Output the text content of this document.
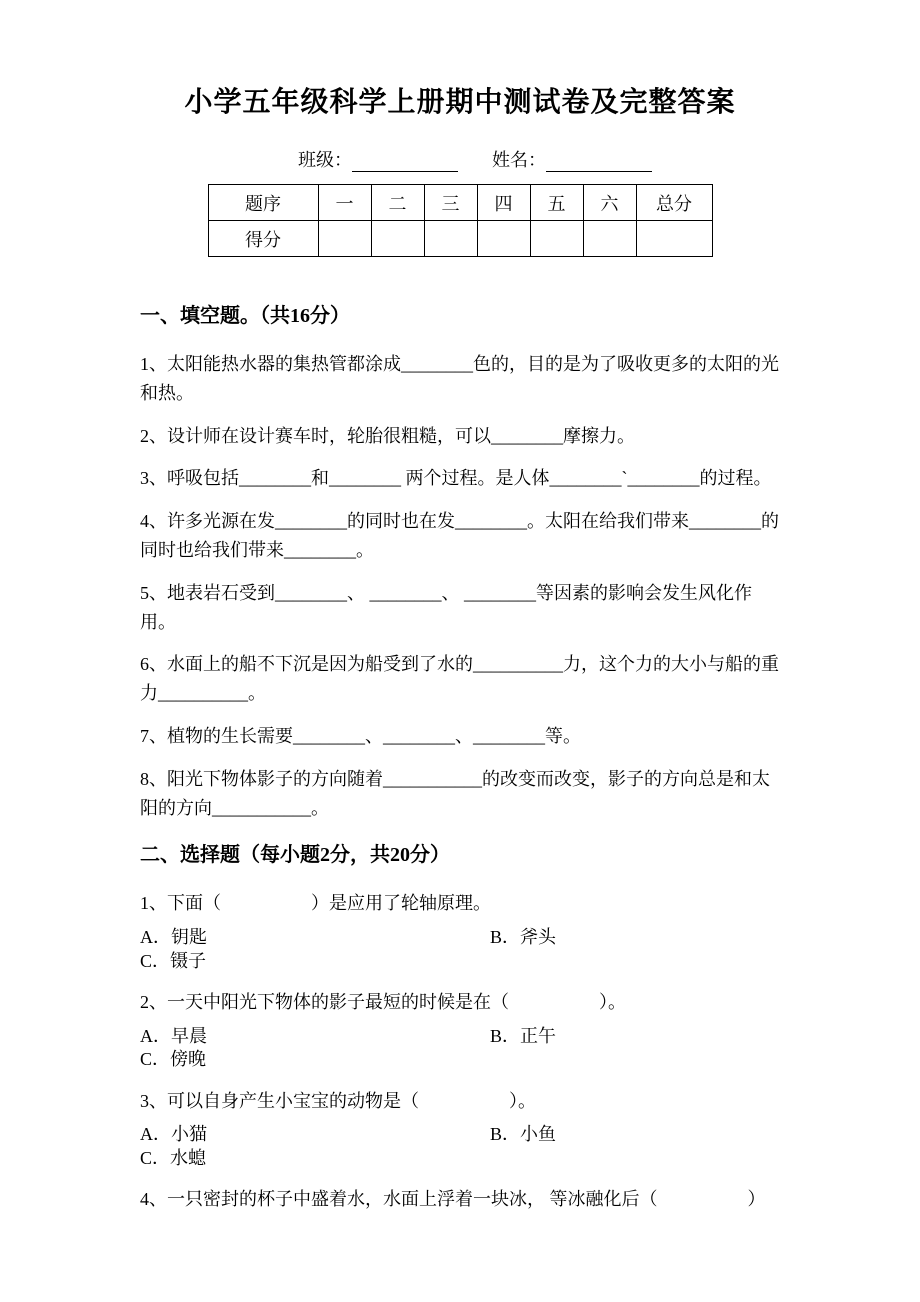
小学五年级科学上册期中测试卷及完整答案
班级：	姓名：
题序	一	二	三	四	五	六	总分
得分							
一、填空题。（共16分）

1、太阳能热水器的集热管都涂成________色的，目的是为了吸收更多的太阳的光和热。

2、设计师在设计赛车时，轮胎很粗糙，可以________摩擦力。

3、呼吸包括________和________ 两个过程。是人体________`________的过程。

4、许多光源在发________的同时也在发________。太阳在给我们带来________的同时也给我们带来________。

5、地表岩石受到________、 ________、 ________等因素的影响会发生风化作用。

6、水面上的船不下沉是因为船受到了水的__________力，这个力的大小与船的重力__________。

7、植物的生长需要________、________、________等。

8、阳光下物体影子的方向随着___________的改变而改变，影子的方向总是和太阳的方向___________。

二、选择题（每小题2分，共20分）

1、下面（　　　　　）是应用了轮轴原理。

A．钥匙	B．斧头
C．镊子

2、一天中阳光下物体的影子最短的时候是在（　　　　　）。

A．早晨	B．正午
C．傍晚

3、可以自身产生小宝宝的动物是（　　　　　）。

A．小猫	B．小鱼
C．水螅

4、一只密封的杯子中盛着水，水面上浮着一块冰， 等冰融化后（　　　　　）
